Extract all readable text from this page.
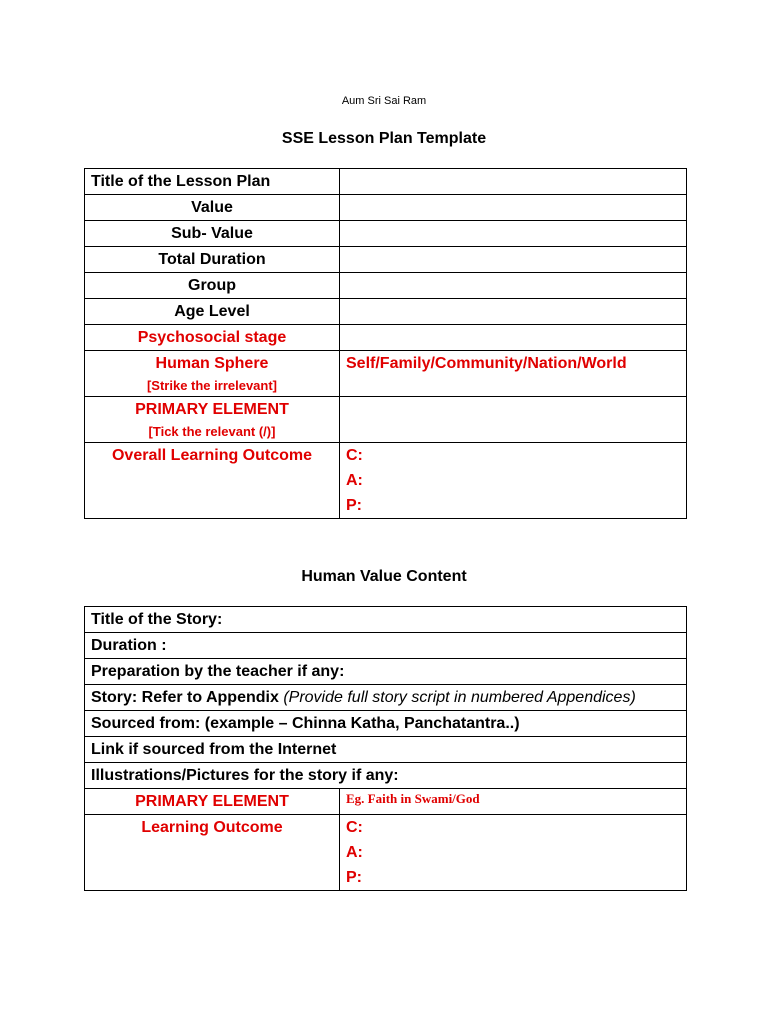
Aum Sri Sai Ram
SSE Lesson Plan Template
Title of the Lesson Plan	
Value	
Sub- Value	
Total Duration	
Group	
Age Level	
Psychosocial stage	

Human Sphere
[Strike the irrelevant]	Self/Family/Community/Nation/World

PRIMARY ELEMENT
[Tick the relevant (/)]	

Overall Learning Outcome	C:
A:
P:
Human Value Content
Title of the Story:	
Duration :	
Preparation by the teacher if any:	
Story: Refer to Appendix (Provide full story script in numbered Appendices)	
Sourced from: (example – Chinna Katha, Panchatantra..)	
Link if sourced from the Internet	
Illustrations/Pictures for the story if any:	
PRIMARY ELEMENT	Eg. Faith in Swami/God
Learning Outcome	C:
A:
P:
